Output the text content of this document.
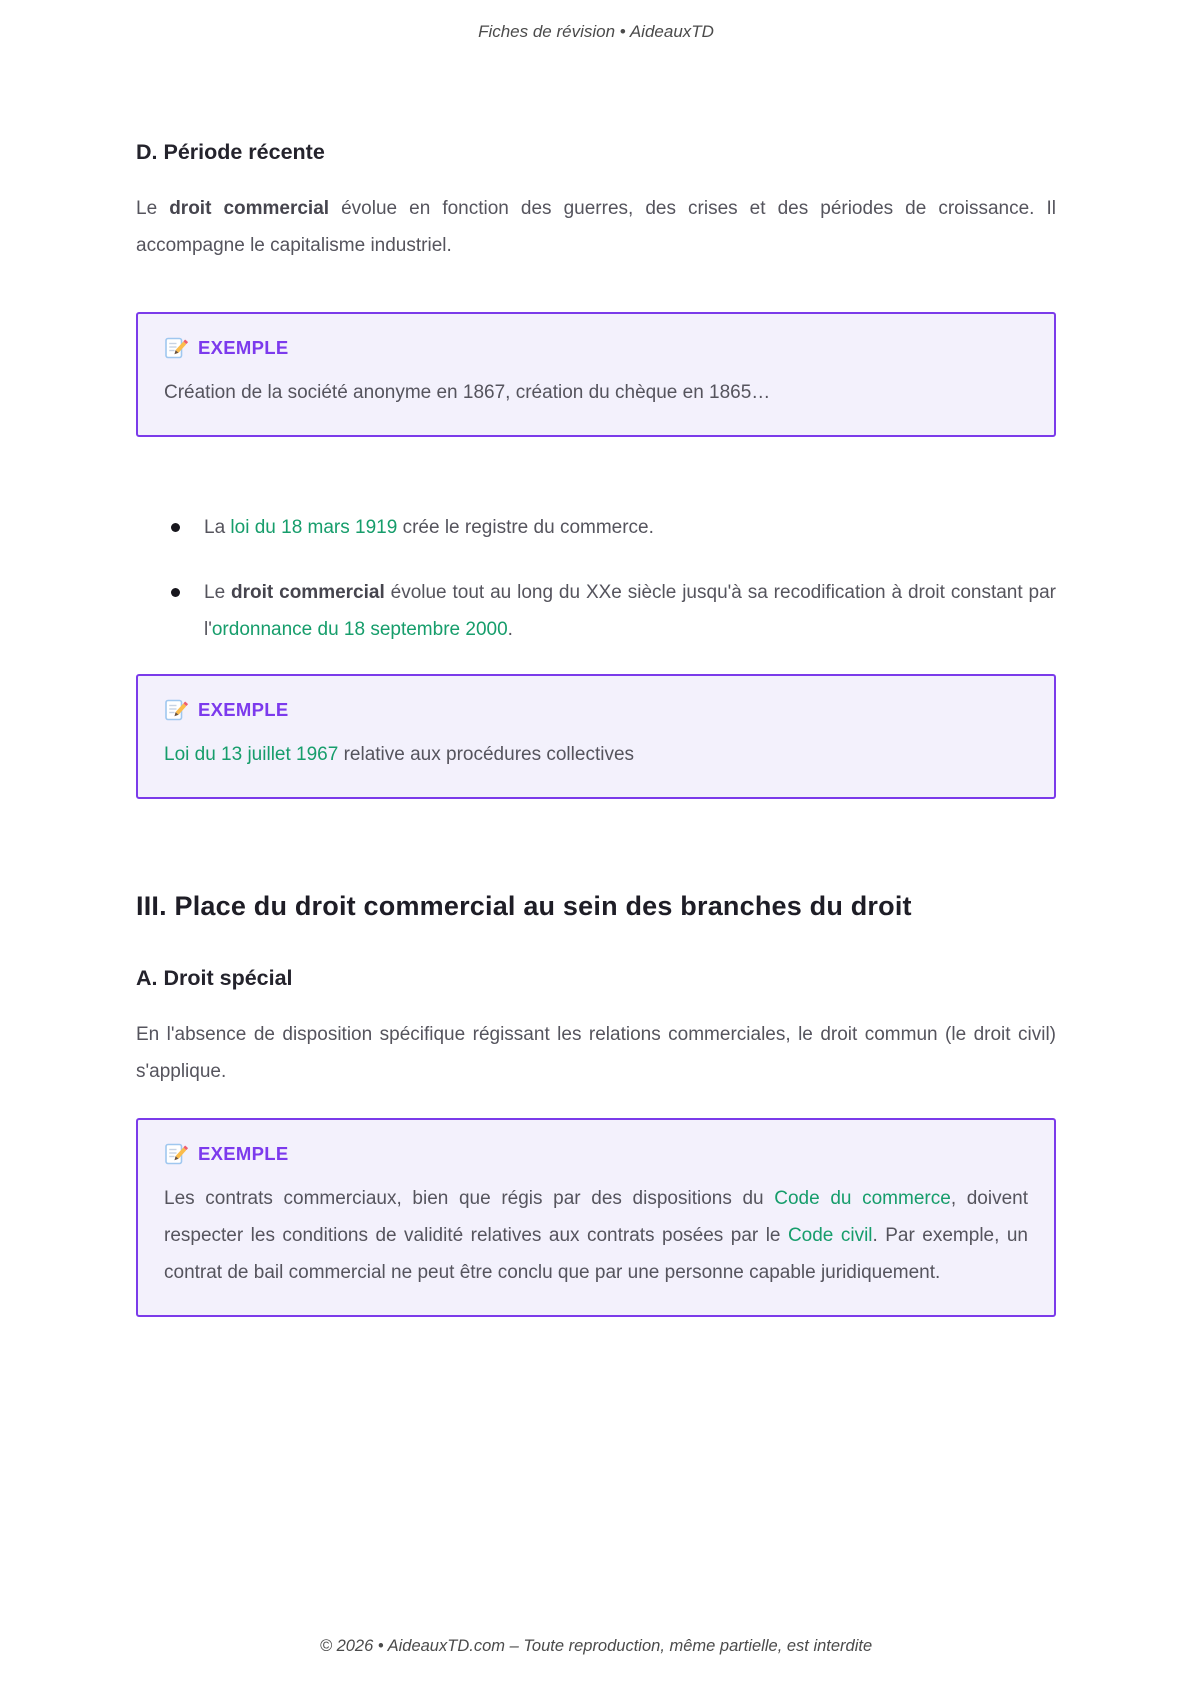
Fiches de révision • AideauxTD
D. Période récente

Le droit commercial évolue en fonction des guerres, des crises et des périodes de croissance. Il accompagne le capitalisme industriel.

EXEMPLE

Création de la société anonyme en 1867, création du chèque en 1865…

La loi du 18 mars 1919 crée le registre du commerce.
Le droit commercial évolue tout au long du XXe siècle jusqu'à sa recodification à droit constant par l'ordonnance du 18 septembre 2000.
EXEMPLE

Loi du 13 juillet 1967 relative aux procédures collectives

III. Place du droit commercial au sein des branches du droit
A. Droit spécial

En l'absence de disposition spécifique régissant les relations commerciales, le droit commun (le droit civil) s'applique.

EXEMPLE

Les contrats commerciaux, bien que régis par des dispositions du Code du commerce, doivent respecter les conditions de validité relatives aux contrats posées par le Code civil. Par exemple, un contrat de bail commercial ne peut être conclu que par une personne capable juridiquement.

© 2026 • AideauxTD.com – Toute reproduction, même partielle, est interdite
